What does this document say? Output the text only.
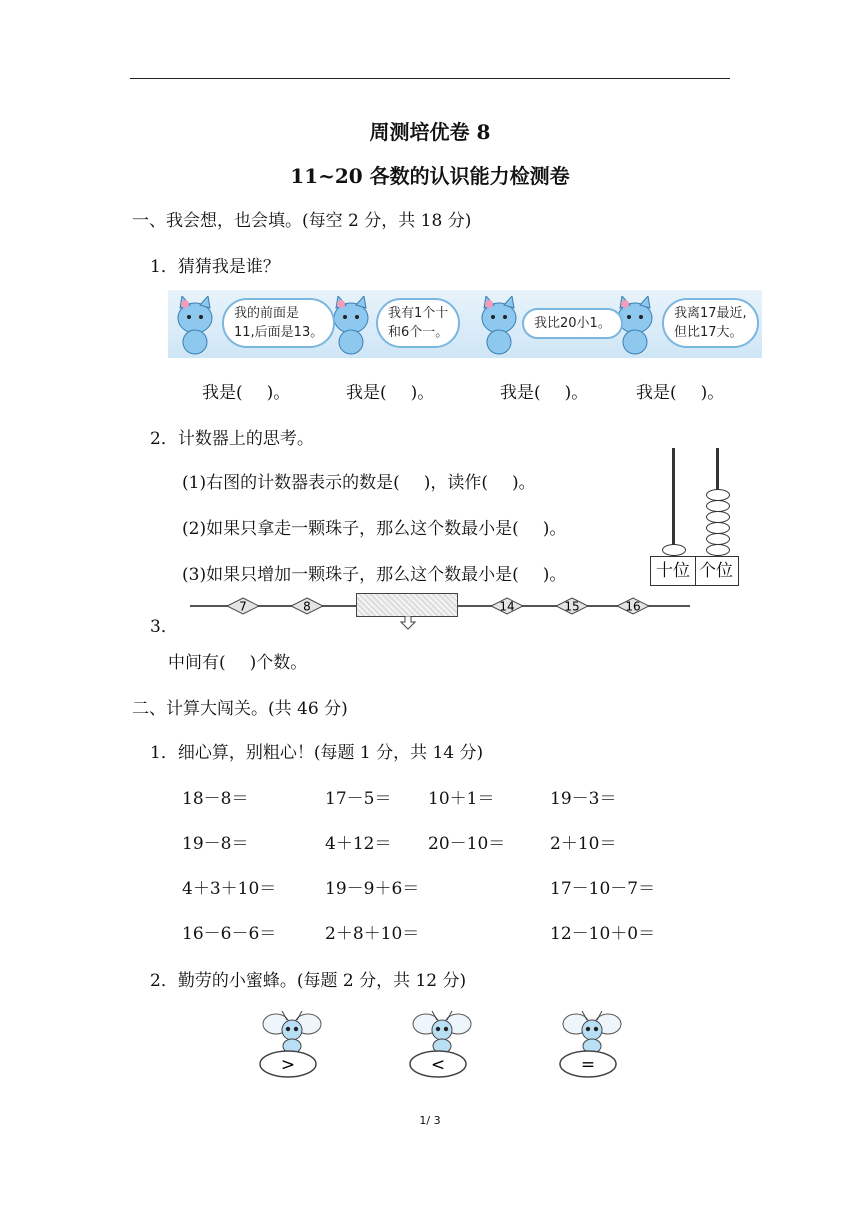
周测培优卷 8
11~20 各数的认识能力检测卷
一、我会想，也会填。(每空 2 分，共 18 分)
1．猜猜我是谁？
我的前面是
11,后面是13。
我有1个十
和6个一。
我比20小1。
我离17最近,
但比17大。
我是( )。	我是( )。	我是( )。	我是( )。
2．计数器上的思考。
(1)右图的计数器表示的数是( )，读作( )。
(2)如果只拿走一颗珠子，那么这个数最小是( )。
(3)如果只增加一颗珠子，那么这个数最小是( )。	十位 个位
7	8	14	15	16
3．
中间有( )个数。
二、计算大闯关。(共 46 分)
1．细心算，别粗心！(每题 1 分，共 14 分)
18－8＝	17－5＝ 10＋1＝	19－3＝
19－8＝	4＋12＝ 20－10＝	2＋10＝
4＋3＋10＝	19－9＋6＝	17－10－7＝
16－6－6＝	2＋8＋10＝	12－10＋0＝
2．勤劳的小蜜蜂。(每题 2 分，共 12 分)
>	<	=
1/ 3
